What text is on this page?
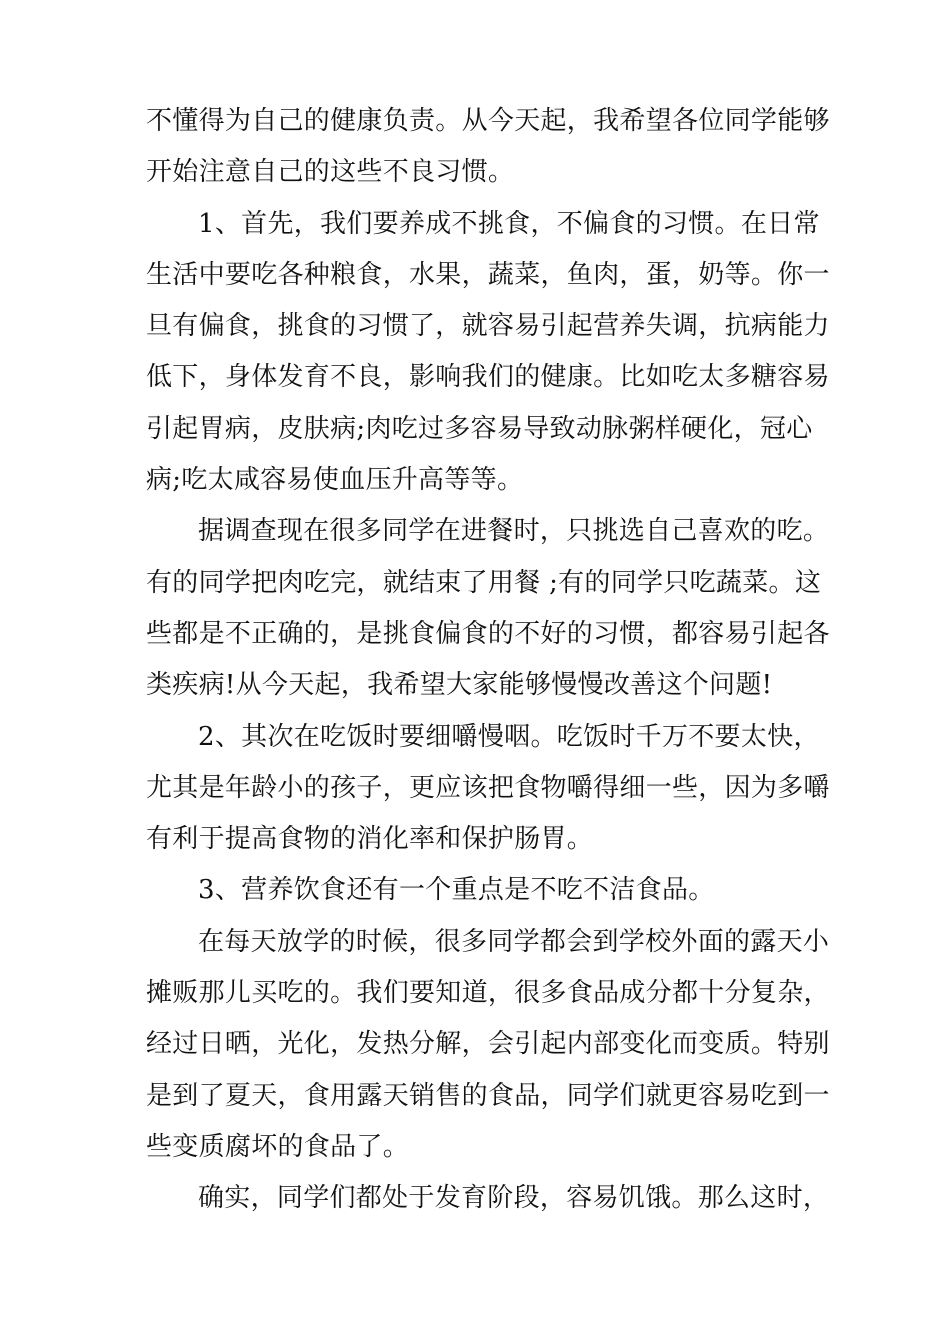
不懂得为自己的健康负责。从今天起，我希望各位同学能够
开始注意自己的这些不良习惯。
1、首先，我们要养成不挑食，不偏食的习惯。在日常
生活中要吃各种粮食，水果，蔬菜，鱼肉，蛋，奶等。你一
旦有偏食，挑食的习惯了，就容易引起营养失调，抗病能力
低下，身体发育不良，影响我们的健康。比如吃太多糖容易
引起胃病，皮肤病;肉吃过多容易导致动脉粥样硬化，冠心
病;吃太咸容易使血压升高等等。
据调查现在很多同学在进餐时，只挑选自己喜欢的吃。
有的同学把肉吃完，就结束了用餐 ;有的同学只吃蔬菜。这
些都是不正确的，是挑食偏食的不好的习惯，都容易引起各
类疾病!从今天起，我希望大家能够慢慢改善这个问题!
2、其次在吃饭时要细嚼慢咽。吃饭时千万不要太快，
尤其是年龄小的孩子，更应该把食物嚼得细一些，因为多嚼
有利于提高食物的消化率和保护肠胃。
3、营养饮食还有一个重点是不吃不洁食品。
在每天放学的时候，很多同学都会到学校外面的露天小
摊贩那儿买吃的。我们要知道，很多食品成分都十分复杂，
经过日晒，光化，发热分解，会引起内部变化而变质。特别
是到了夏天，食用露天销售的食品，同学们就更容易吃到一
些变质腐坏的食品了。
确实，同学们都处于发育阶段，容易饥饿。那么这时，
